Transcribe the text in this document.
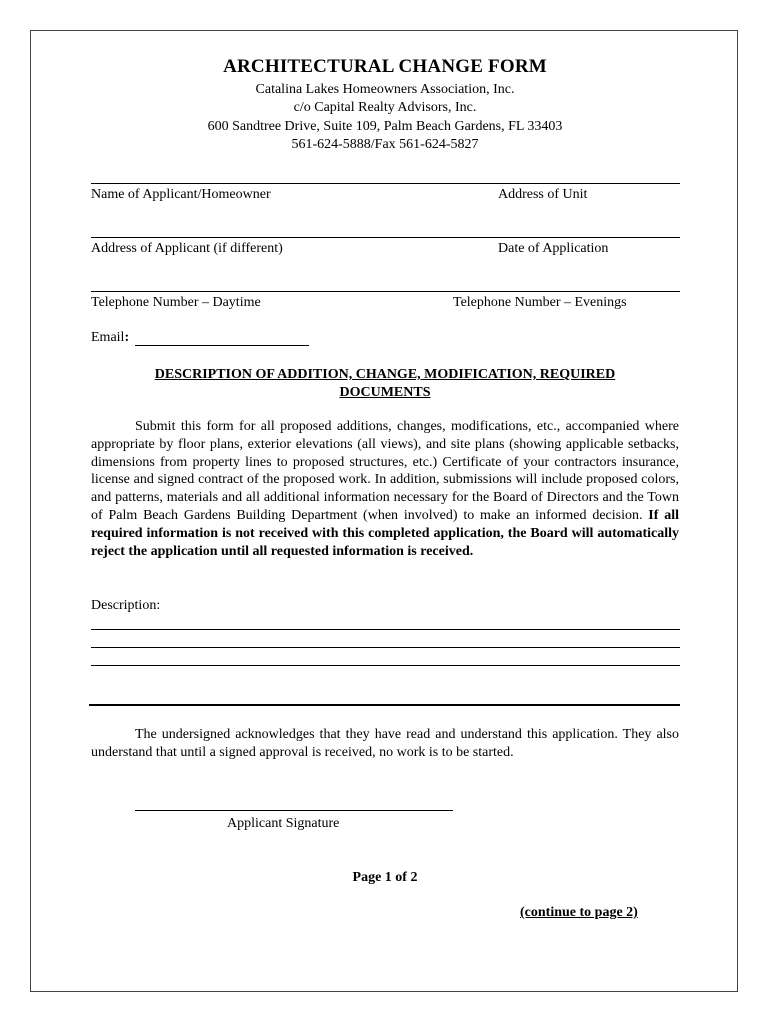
ARCHITECTURAL CHANGE FORM
Catalina Lakes Homeowners Association, Inc.
c/o Capital Realty Advisors, Inc.
600 Sandtree Drive, Suite 109, Palm Beach Gardens, FL 33403
561-624-5888/Fax 561-624-5827
Name of Applicant/Homeowner	Address of Unit
Address of Applicant (if different)	Date of Application
Telephone Number – Daytime	Telephone Number – Evenings
Email:
DESCRIPTION OF ADDITION, CHANGE, MODIFICATION, REQUIRED
DOCUMENTS
Submit this form for all proposed additions, changes, modifications, etc., accompanied where appropriate by floor plans, exterior elevations (all views), and site plans (showing applicable setbacks, dimensions from property lines to proposed structures, etc.) Certificate of your contractors insurance, license and signed contract of the proposed work. In addition, submissions will include proposed colors, and patterns, materials and all additional information necessary for the Board of Directors and the Town of Palm Beach Gardens Building Department (when involved) to make an informed decision. If all required information is not received with this completed application, the Board will automatically reject the application until all requested information is received.
Description:
The undersigned acknowledges that they have read and understand this application. They also understand that until a signed approval is received, no work is to be started.
Applicant Signature
Page 1 of 2
(continue to page 2)
